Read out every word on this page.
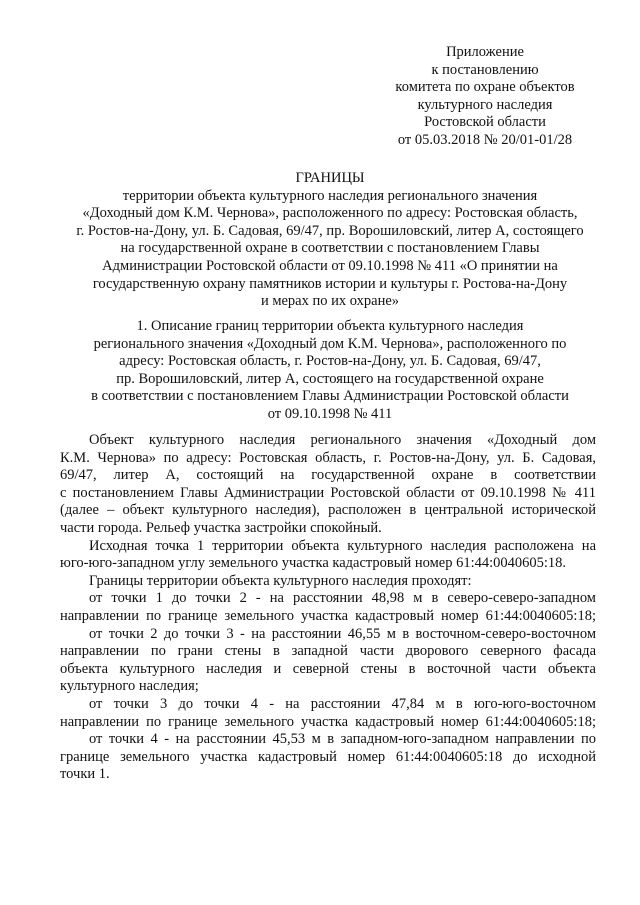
Приложение
к постановлению
комитета по охране объектов
культурного наследия
Ростовской области
от 05.03.2018 № 20/01-01/28
ГРАНИЦЫ
территории объекта культурного наследия регионального значения
«Доходный дом К.М. Чернова», расположенного по адресу: Ростовская область,
г. Ростов-на-Дону, ул. Б. Садовая, 69/47, пр. Ворошиловский, литер А, состоящего
на государственной охране в соответствии с постановлением Главы
Администрации Ростовской области от 09.10.1998 № 411 «О принятии на
государственную охрану памятников истории и культуры г. Ростова-на-Дону
и мерах по их охране»
1. Описание границ территории объекта культурного наследия
регионального значения «Доходный дом К.М. Чернова», расположенного по
адресу: Ростовская область, г. Ростов-на-Дону, ул. Б. Садовая, 69/47,
пр. Ворошиловский, литер А, состоящего на государственной охране
в соответствии с постановлением Главы Администрации Ростовской области
от 09.10.1998 № 411
Объект культурного наследия регионального значения «Доходный дом
К.М. Чернова» по адресу: Ростовская область, г. Ростов-на-Дону, ул. Б. Садовая,
69/47, литер А, состоящий на государственной охране в соответствии
с постановлением Главы Администрации Ростовской области от 09.10.1998 № 411
(далее – объект культурного наследия), расположен в центральной исторической
части города. Рельеф участка застройки спокойный.
Исходная точка 1 территории объекта культурного наследия расположена на
юго-юго-западном углу земельного участка кадастровый номер 61:44:0040605:18.
Границы территории объекта культурного наследия проходят:
от точки 1 до точки 2 - на расстоянии 48,98 м в северо-северо-западном
направлении по границе земельного участка кадастровый номер 61:44:0040605:18;
от точки 2 до точки 3 - на расстоянии 46,55 м в восточном-северо-восточном
направлении по грани стены в западной части дворового северного фасада
объекта культурного наследия и северной стены в восточной части объекта
культурного наследия;
от точки 3 до точки 4 - на расстоянии 47,84 м в юго-юго-восточном
направлении по границе земельного участка кадастровый номер 61:44:0040605:18;
от точки 4 - на расстоянии 45,53 м в западном-юго-западном направлении по
границе земельного участка кадастровый номер 61:44:0040605:18 до исходной
точки 1.
